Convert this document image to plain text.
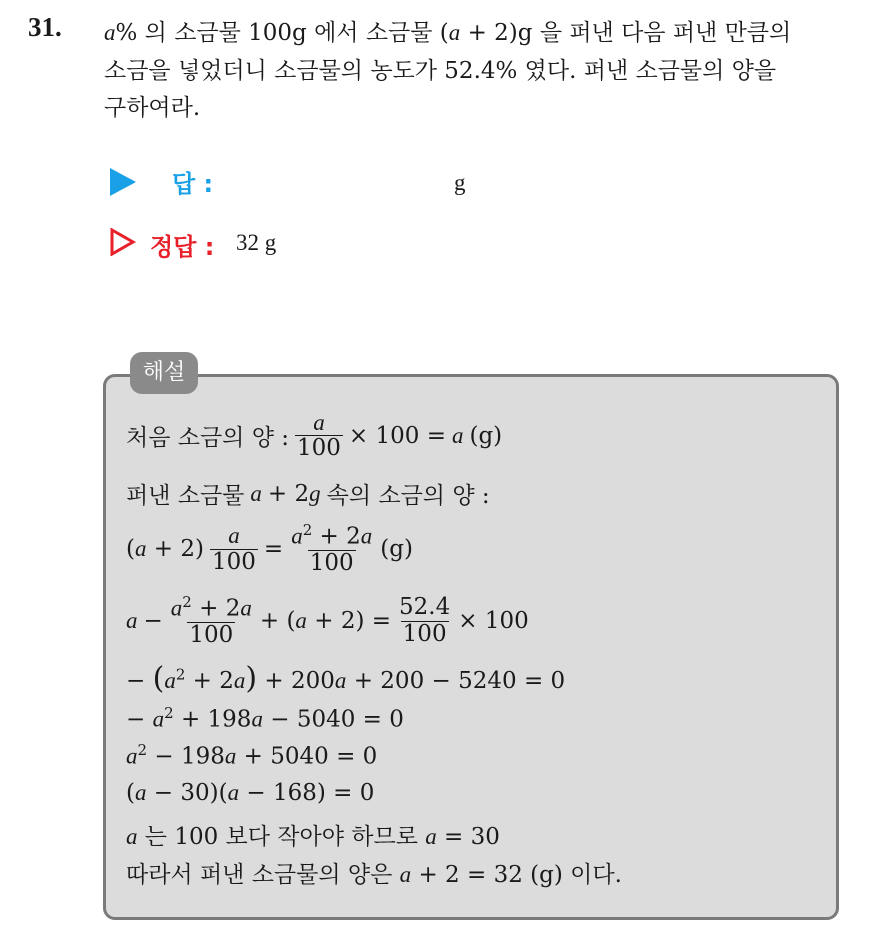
31. a% 의 소금물 100g 에서 소금물 (a + 2)g 을 퍼낸 다음 퍼낸 만큼의
소금을 넣었더니 소금물의 농도가 52.4% 였다. 퍼낸 소금물의 양을
구하여라.
답 :	g
정답 : 32 g
해설
처음 소금의 양 : $\frac{a}{100} \times 100 = a$ (g)
퍼낸 소금물 a + 2 g 속의 소금의 양 :
$(a + 2) \frac{a}{100} = \frac{a^2 + 2a}{100} (g)$
$a - \frac{a^2 + 2a}{100} + (a + 2) = \frac{52.4}{100} \times 100$
− $(a^2 + 2a) + 200a + 200 - 5240 = 0$
− $a^2 + 198a - 5040 = 0$
$a^2 - 198a + 5040 = 0$
(a − 30)(a − 168) = 0
a 는 100 보다 작아야 하므로 a = 30
따라서 퍼낸 소금물의 양은 a + 2 = 32 (g) 이다.
